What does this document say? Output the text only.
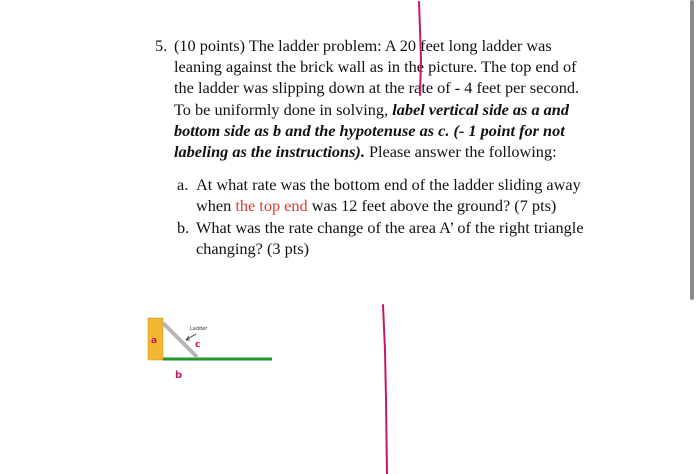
5. (10 points) The ladder problem: A 20 feet long ladder was leaning against the brick wall as in the picture. The top end of the ladder was slipping down at the rate of - 4 feet per second. To be uniformly done in solving, label vertical side as a and bottom side as b and the hypotenuse as c. (- 1 point for not labeling as the instructions). Please answer the following:

a. At what rate was the bottom end of the ladder sliding away when the top end was 12 feet above the ground? (7 pts)

b. What was the rate change of the area A’ of the right triangle changing? (3 pts)

Ladder
a	c
b
